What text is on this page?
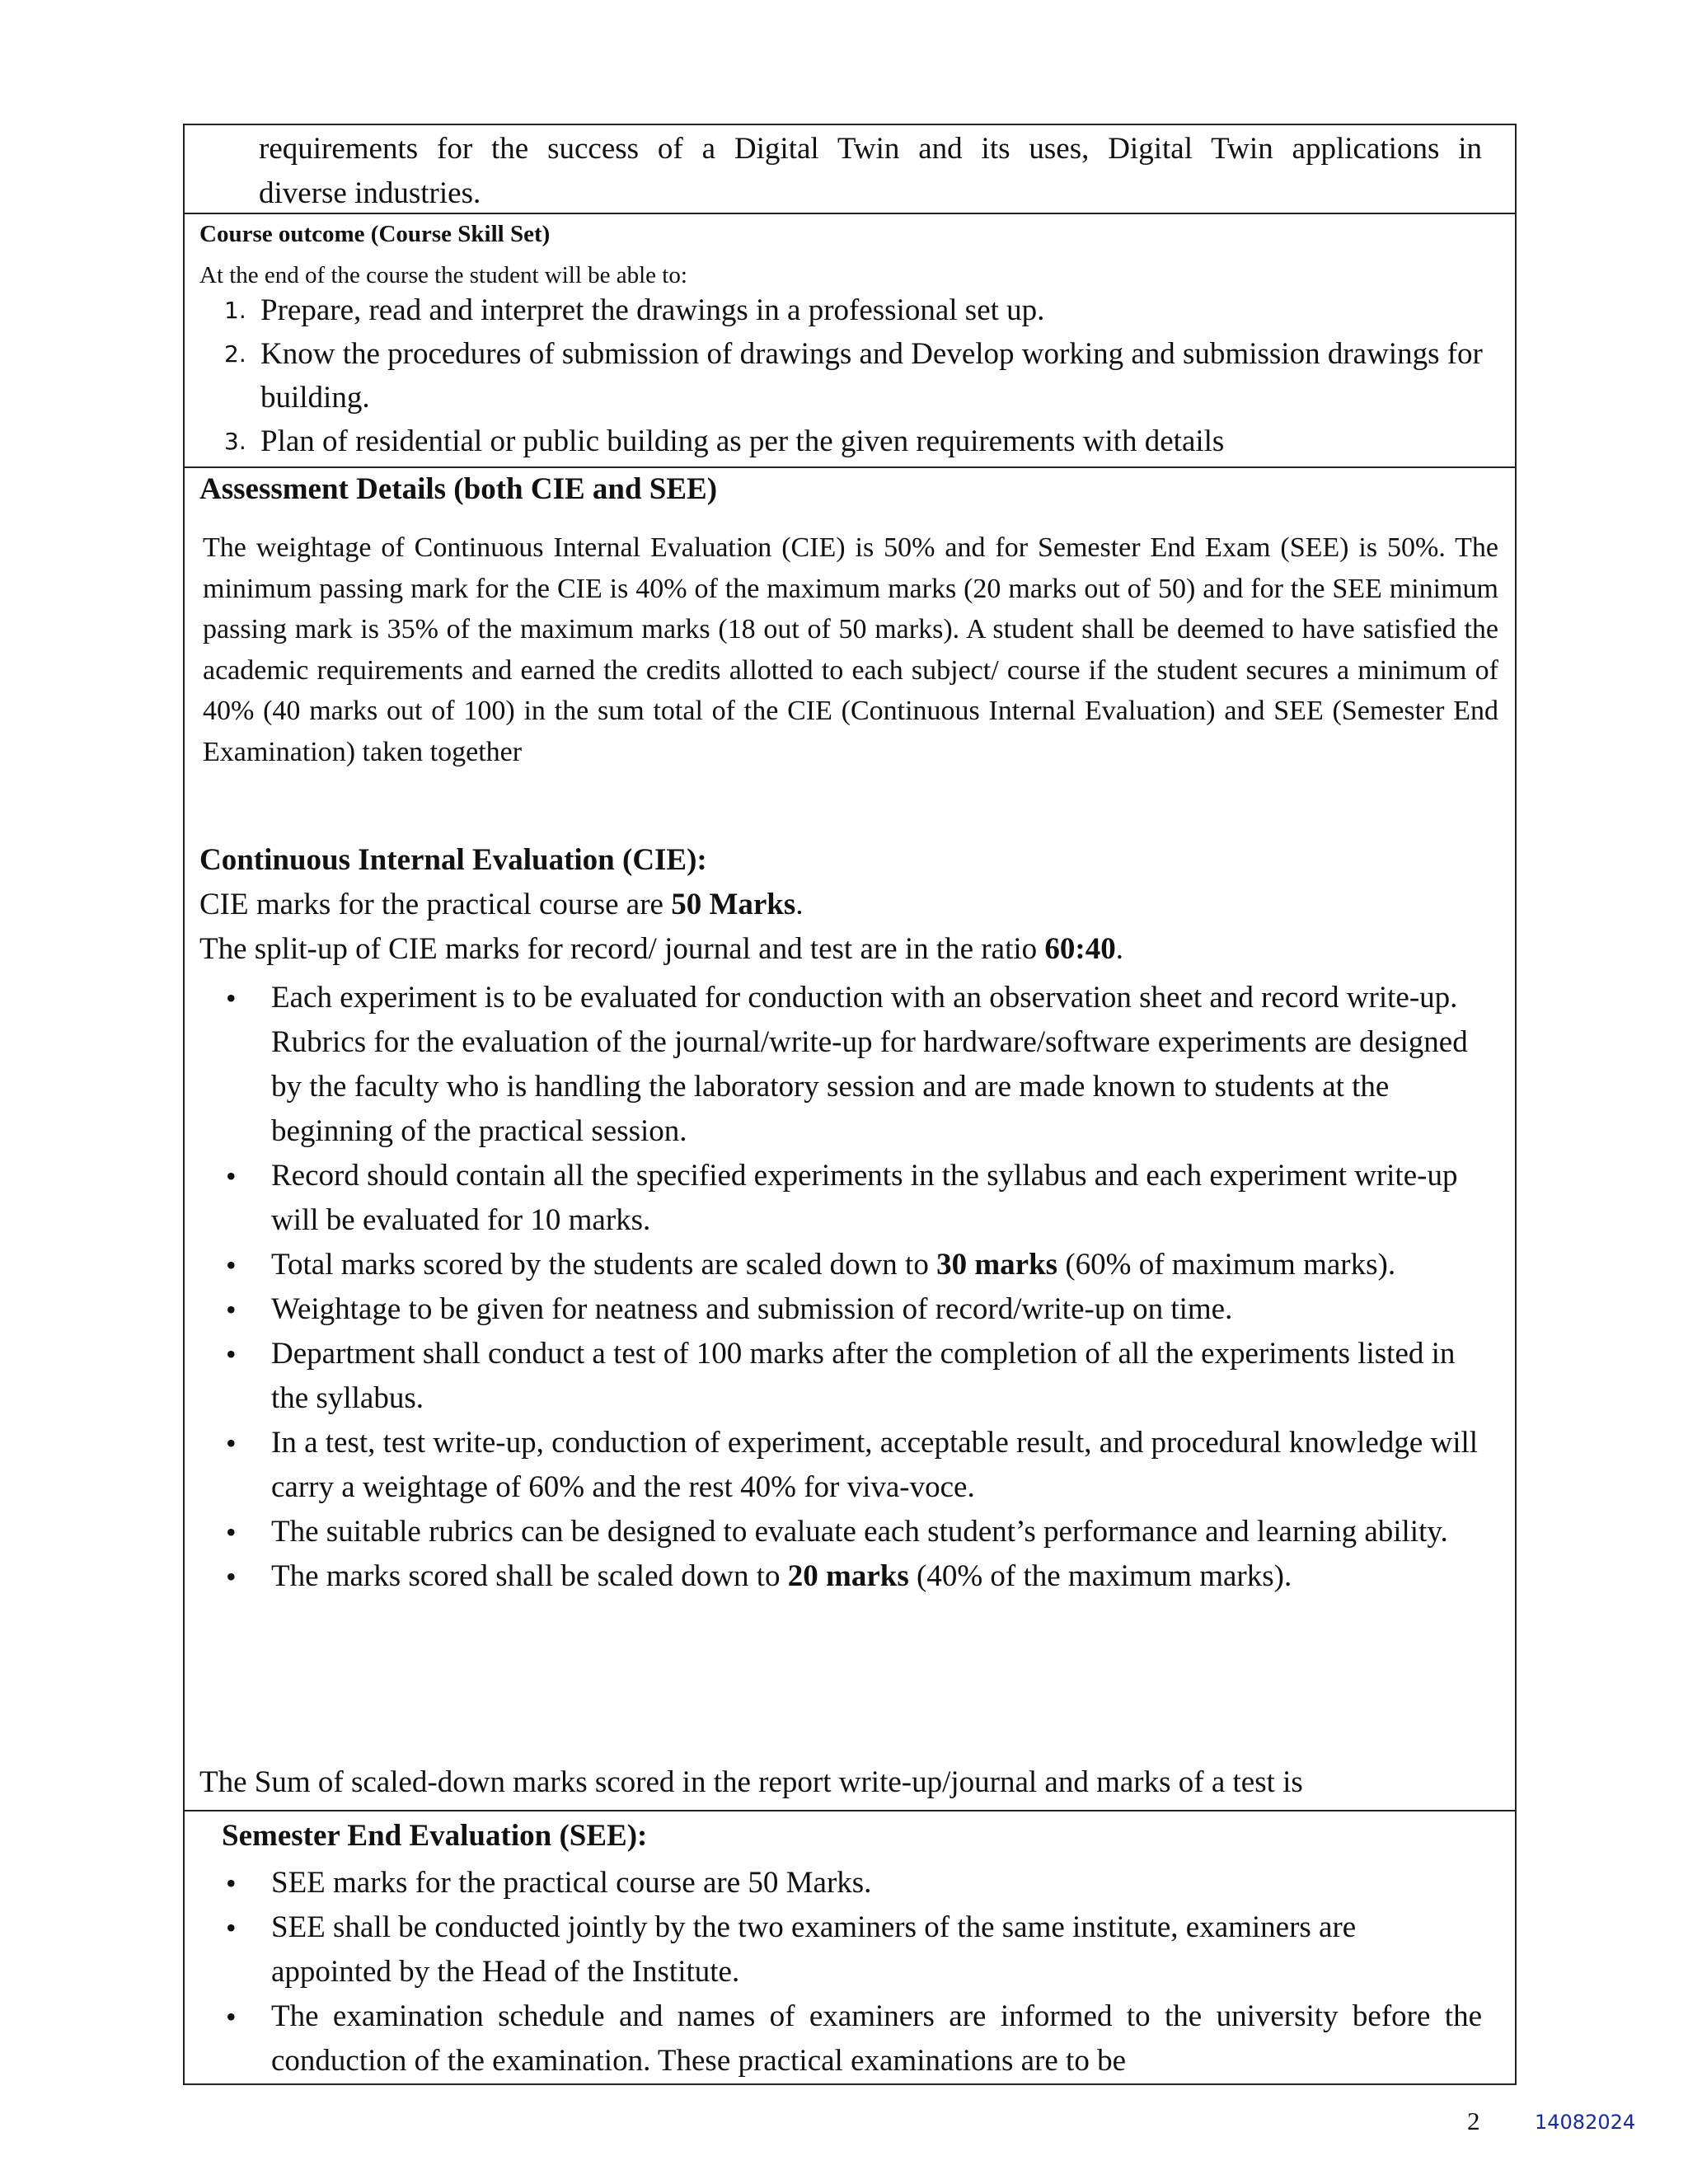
requirements for the success of a Digital Twin and its uses, Digital Twin applications in
diverse industries.
Course outcome (Course Skill Set)
At the end of the course the student will be able to:
1. Prepare, read and interpret the drawings in a professional set up.
2. Know the procedures of submission of drawings and Develop working and submission drawings for building.
3. Plan of residential or public building as per the given requirements with details
Assessment Details (both CIE and SEE)
The weightage of Continuous Internal Evaluation (CIE) is 50% and for Semester End Exam (SEE) is 50%. The minimum passing mark for the CIE is 40% of the maximum marks (20 marks out of 50) and for the SEE minimum passing mark is 35% of the maximum marks (18 out of 50 marks). A student shall be deemed to have satisfied the academic requirements and earned the credits allotted to each subject/ course if the student secures a minimum of 40% (40 marks out of 100) in the sum total of the CIE (Continuous Internal Evaluation) and SEE (Semester End Examination) taken together
Continuous Internal Evaluation (CIE):
CIE marks for the practical course are 50 Marks.
The split-up of CIE marks for record/ journal and test are in the ratio 60:40.
• Each experiment is to be evaluated for conduction with an observation sheet and record write-up. Rubrics for the evaluation of the journal/write-up for hardware/software experiments are designed by the faculty who is handling the laboratory session and are made known to students at the beginning of the practical session.
• Record should contain all the specified experiments in the syllabus and each experiment write-up will be evaluated for 10 marks.
• Total marks scored by the students are scaled down to 30 marks (60% of maximum marks).
• Weightage to be given for neatness and submission of record/write-up on time.
• Department shall conduct a test of 100 marks after the completion of all the experiments listed in the syllabus.
• In a test, test write-up, conduction of experiment, acceptable result, and procedural knowledge will carry a weightage of 60% and the rest 40% for viva-voce.
• The suitable rubrics can be designed to evaluate each student’s performance and learning ability.
• The marks scored shall be scaled down to 20 marks (40% of the maximum marks).
The Sum of scaled-down marks scored in the report write-up/journal and marks of a test is
Semester End Evaluation (SEE):
• SEE marks for the practical course are 50 Marks.
• SEE shall be conducted jointly by the two examiners of the same institute, examiners are appointed by the Head of the Institute.
• The examination schedule and names of examiners are informed to the university before the conduction of the examination. These practical examinations are to be
2	14082024
